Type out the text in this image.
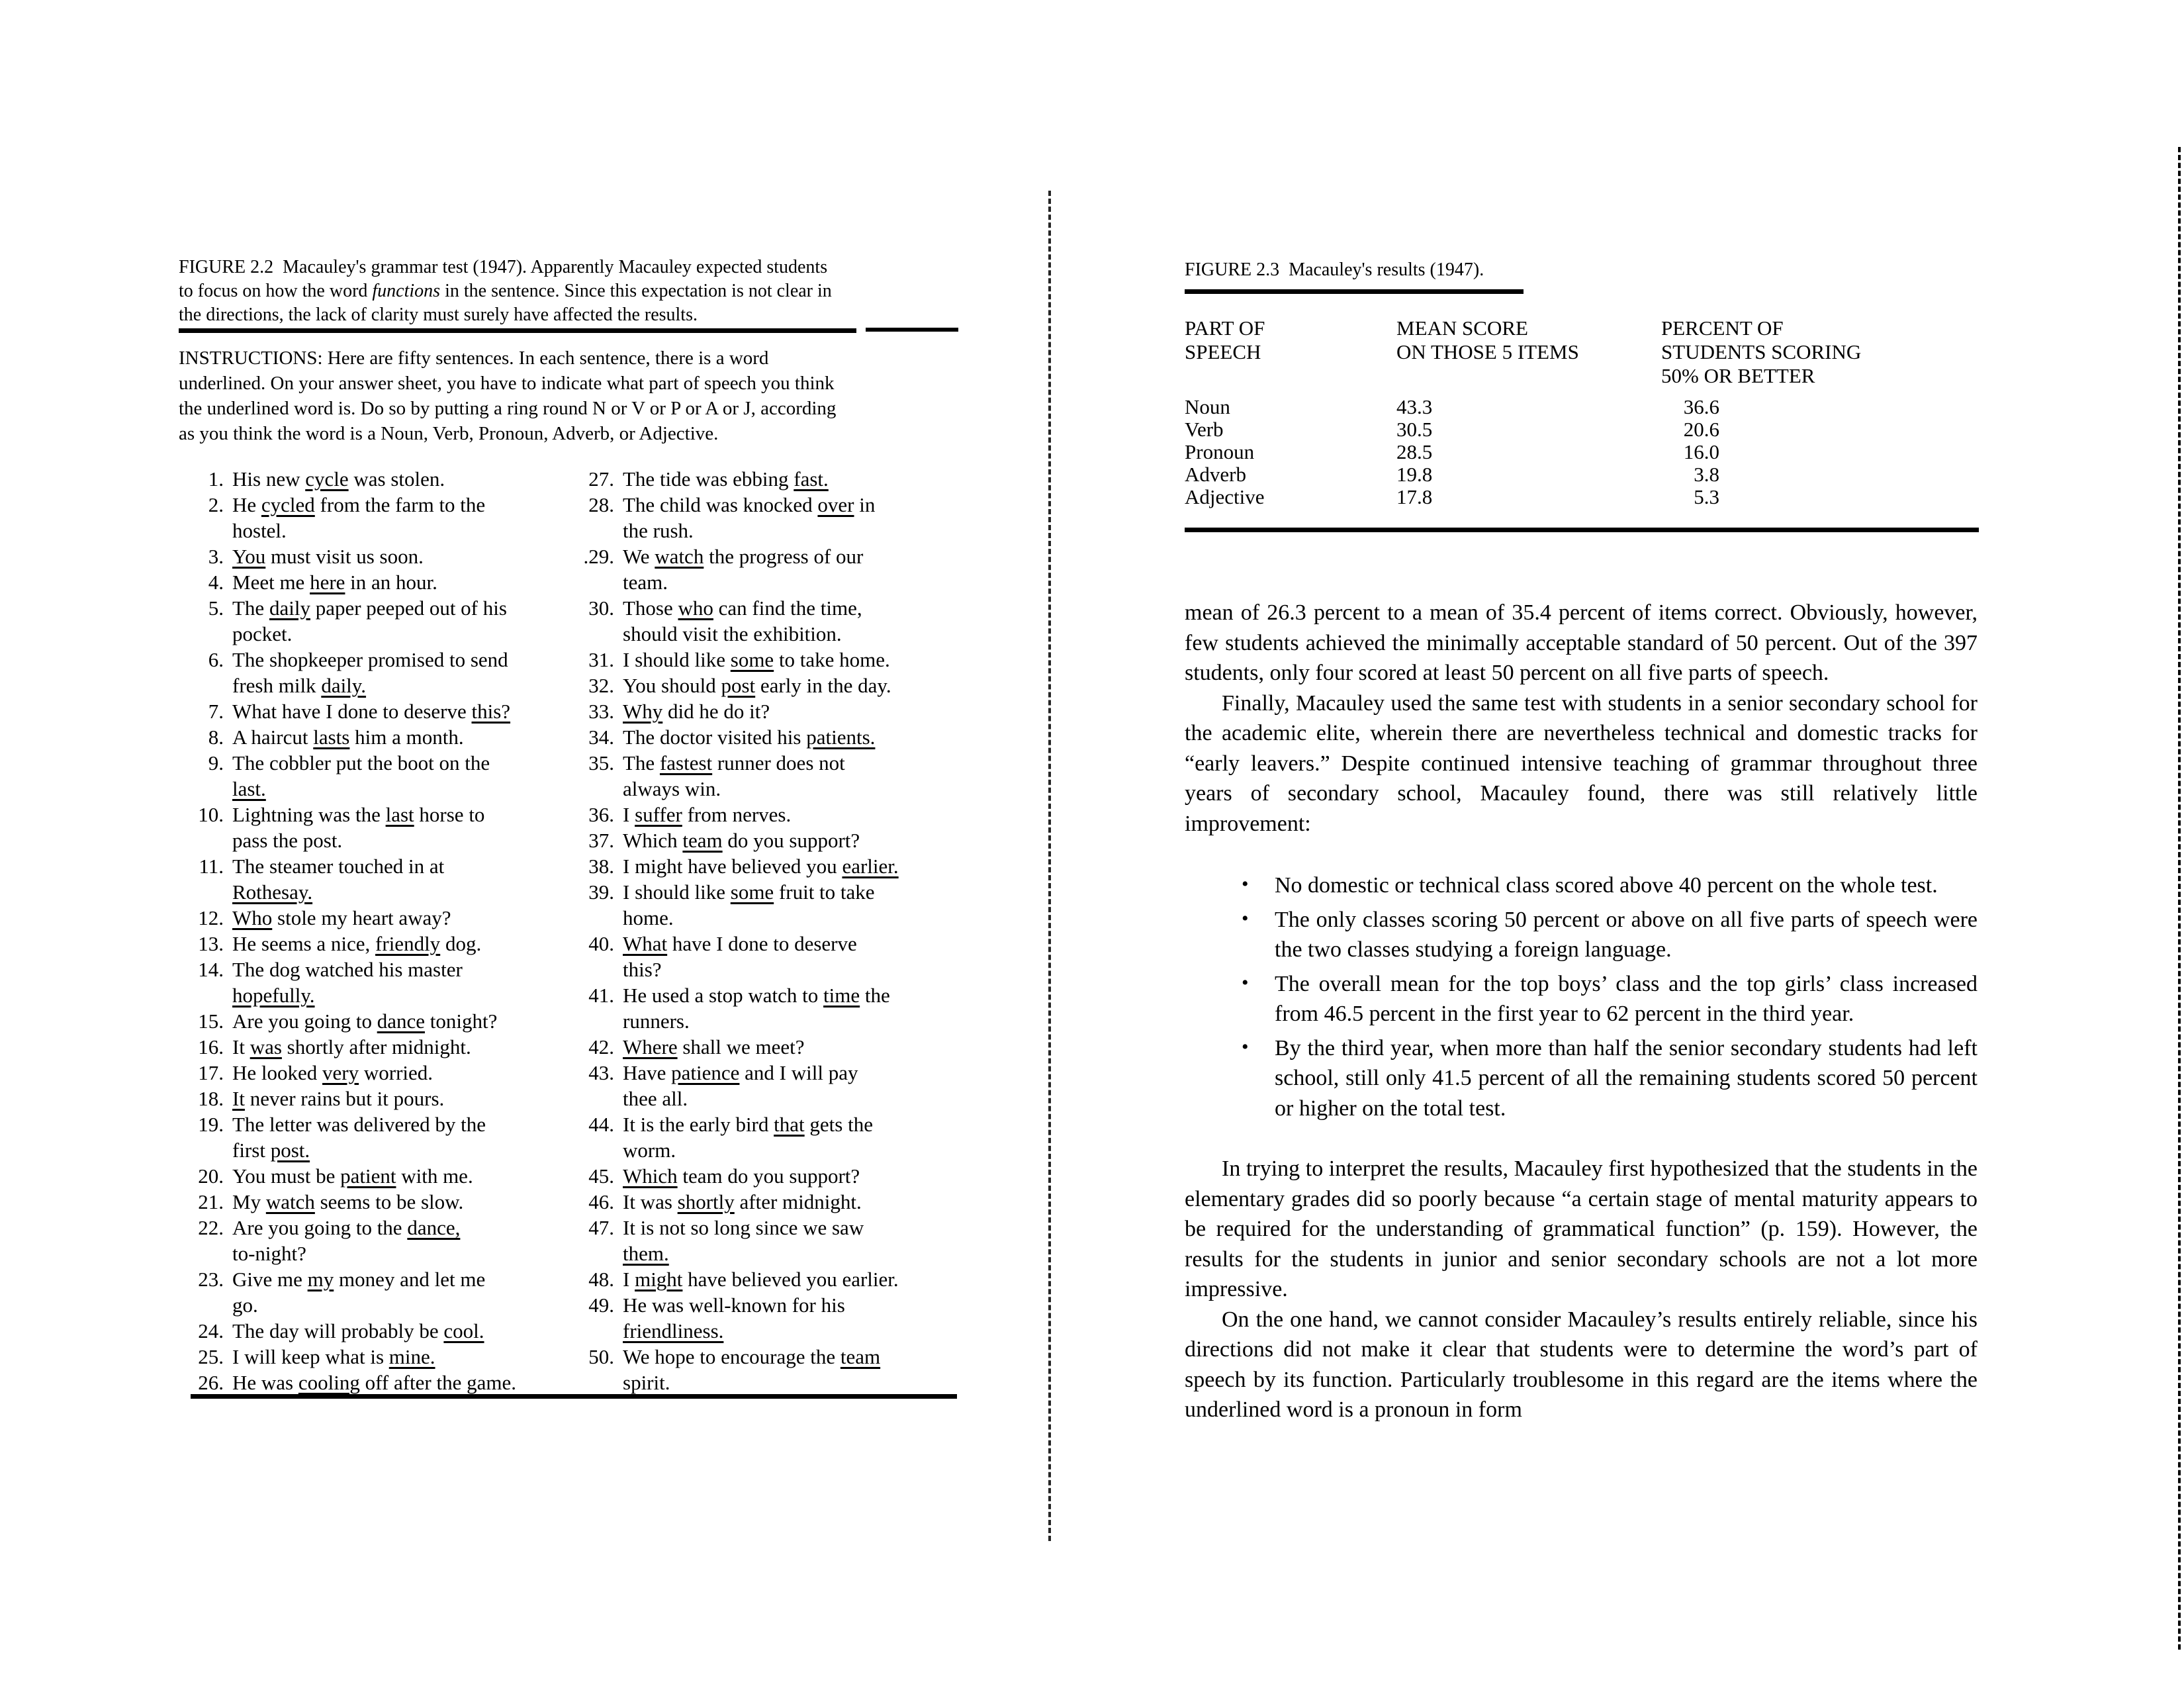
FIGURE 2.2  Macauley's grammar test (1947). Apparently Macauley expected students
to focus on how the word functions in the sentence. Since this expectation is not clear in
the directions, the lack of clarity must surely have affected the results.
INSTRUCTIONS: Here are fifty sentences. In each sentence, there is a word
underlined. On your answer sheet, you have to indicate what part of speech you think
the underlined word is. Do so by putting a ring round N or V or P or A or J, according
as you think the word is a Noun, Verb, Pronoun, Adverb, or Adjective.
1. His new cycle was stolen.
2. He cycled from the farm to the
hostel.
3. You must visit us soon.
4. Meet me here in an hour.
5. The daily paper peeped out of his
pocket.
6. The shopkeeper promised to send
fresh milk daily.
7. What have I done to deserve this?
8. A haircut lasts him a month.
9. The cobbler put the boot on the
last.
10. Lightning was the last horse to
pass the post.
11. The steamer touched in at
Rothesay.
12. Who stole my heart away?
13. He seems a nice, friendly dog.
14. The dog watched his master
hopefully.
15. Are you going to dance tonight?
16. It was shortly after midnight.
17. He looked very worried.
18. It never rains but it pours.
19. The letter was delivered by the
first post.
20. You must be patient with me.
21. My watch seems to be slow.
22. Are you going to the dance,
to-night?
23. Give me my money and let me
go.
24. The day will probably be cool.
25. I will keep what is mine.
26. He was cooling off after the game.
27. The tide was ebbing fast.
28. The child was knocked over in
the rush.
.29. We watch the progress of our
team.
30. Those who can find the time,
should visit the exhibition.
31. I should like some to take home.
32. You should post early in the day.
33. Why did he do it?
34. The doctor visited his patients.
35. The fastest runner does not
always win.
36. I suffer from nerves.
37. Which team do you support?
38. I might have believed you earlier.
39. I should like some fruit to take
home.
40. What have I done to deserve
this?
41. He used a stop watch to time the
runners.
42. Where shall we meet?
43. Have patience and I will pay
thee all.
44. It is the early bird that gets the
worm.
45. Which team do you support?
46. It was shortly after midnight.
47. It is not so long since we saw
them.
48. I might have believed you earlier.
49. He was well-known for his
friendliness.
50. We hope to encourage the team
spirit.
FIGURE 2.3  Macauley's results (1947).
PART OF
SPEECH
MEAN SCORE
ON THOSE 5 ITEMS
PERCENT OF
STUDENTS SCORING
50% OR BETTER
Noun	43.3	36.6
Verb	30.5	20.6
Pronoun	28.5	16.0
Adverb	19.8	3.8
Adjective	17.8	5.3
mean of 26.3 percent to a mean of 35.4 percent of items correct. Obviously, however, few students achieved the minimally acceptable standard of 50 percent. Out of the 397 students, only four scored at least 50 percent on all five parts of speech.
Finally, Macauley used the same test with students in a senior secondary school for the academic elite, wherein there are nevertheless technical and domestic tracks for “early leavers.” Despite continued intensive teaching of grammar throughout three years of secondary school, Macauley found, there was still relatively little improvement:
• No domestic or technical class scored above 40 percent on the whole test.
• The only classes scoring 50 percent or above on all five parts of speech were the two classes studying a foreign language.
• The overall mean for the top boys’ class and the top girls’ class increased from 46.5 percent in the first year to 62 percent in the third year.
• By the third year, when more than half the senior secondary students had left school, still only 41.5 percent of all the remaining students scored 50 percent or higher on the total test.
In trying to interpret the results, Macauley first hypothesized that the students in the elementary grades did so poorly because “a certain stage of mental maturity appears to be required for the understanding of grammatical function” (p. 159). However, the results for the students in junior and senior secondary schools are not a lot more impressive.
On the one hand, we cannot consider Macauley’s results entirely reliable, since his directions did not make it clear that students were to determine the word’s part of speech by its function. Particularly troublesome in this regard are the items where the underlined word is a pronoun in form
